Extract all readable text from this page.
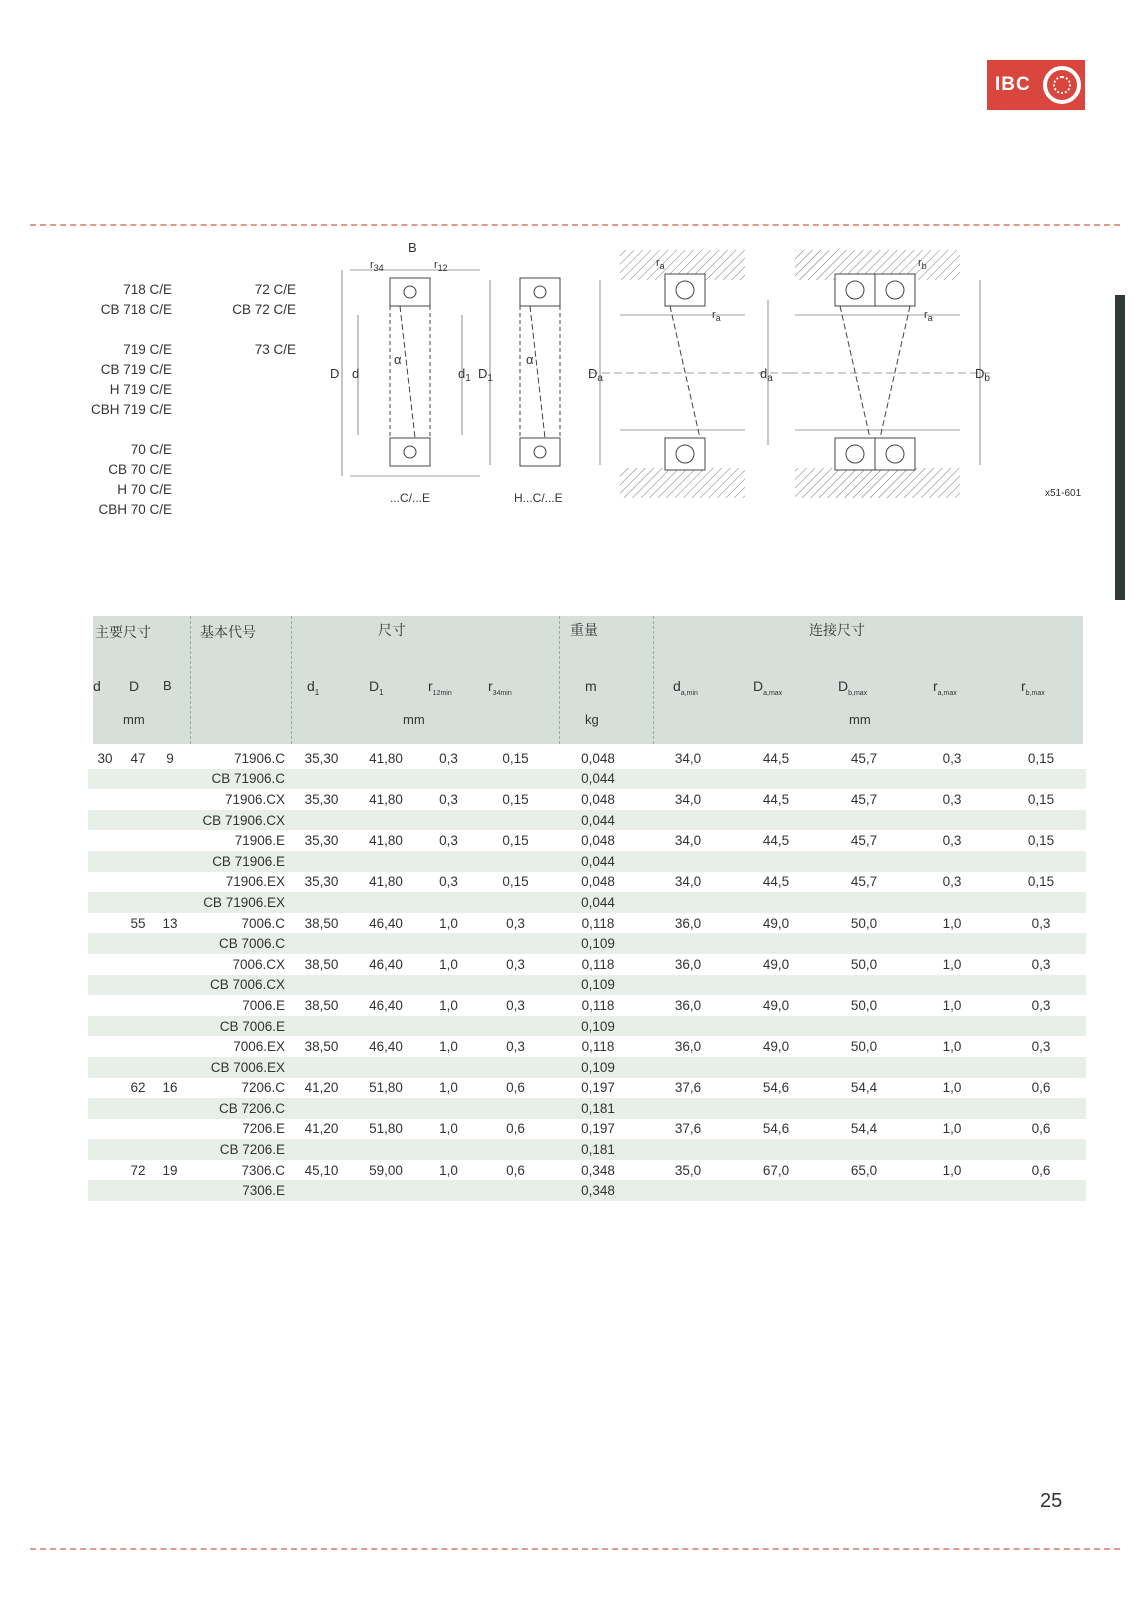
IBC
718 C/E
CB 718 C/E
719 C/E
CB 719 C/E
H 719 C/E
CBH 719 C/E
70 C/E
CB 70 C/E
H 70 C/E
CBH 70 C/E
72 C/E
CB 72 C/E
73 C/E
B
$r_{34}$	$r_{12}$
D d
α
$d_1$ $D_1$
...C/...E
α
H...C/...E
$D_a$	$d_a$
$r_a$
$r_a$
$D_b$
$r_b$
$r_a$
x51-601
主要尺寸	基本代号	尺寸	重量	连接尺寸
d D B	$d_1$	$D_1$	$r_{12min}$	$r_{34min}$	m	$d_{a,min}$	$D_{a,max}$	$D_{b,max}$	$r_{a,max}$	$r_{b,max}$
mm	mm	kg	mm
30	47	9	71906.C	35,30	41,80	0,3	0,15	0,048	34,0	44,5	45,7	0,3	0,15
			CB 71906.C					0,044					
			71906.CX	35,30	41,80	0,3	0,15	0,048	34,0	44,5	45,7	0,3	0,15
			CB 71906.CX					0,044					
			71906.E	35,30	41,80	0,3	0,15	0,048	34,0	44,5	45,7	0,3	0,15
			CB 71906.E					0,044					
			71906.EX	35,30	41,80	0,3	0,15	0,048	34,0	44,5	45,7	0,3	0,15
			CB 71906.EX					0,044					
	55	13	7006.C	38,50	46,40	1,0	0,3	0,118	36,0	49,0	50,0	1,0	0,3
			CB 7006.C					0,109					
			7006.CX	38,50	46,40	1,0	0,3	0,118	36,0	49,0	50,0	1,0	0,3
			CB 7006.CX					0,109					
			7006.E	38,50	46,40	1,0	0,3	0,118	36,0	49,0	50,0	1,0	0,3
			CB 7006.E					0,109					
			7006.EX	38,50	46,40	1,0	0,3	0,118	36,0	49,0	50,0	1,0	0,3
			CB 7006.EX					0,109					
	62	16	7206.C	41,20	51,80	1,0	0,6	0,197	37,6	54,6	54,4	1,0	0,6
			CB 7206.C					0,181					
			7206.E	41,20	51,80	1,0	0,6	0,197	37,6	54,6	54,4	1,0	0,6
			CB 7206.E					0,181					
	72	19	7306.C	45,10	59,00	1,0	0,6	0,348	35,0	67,0	65,0	1,0	0,6
			7306.E					0,348					
25
